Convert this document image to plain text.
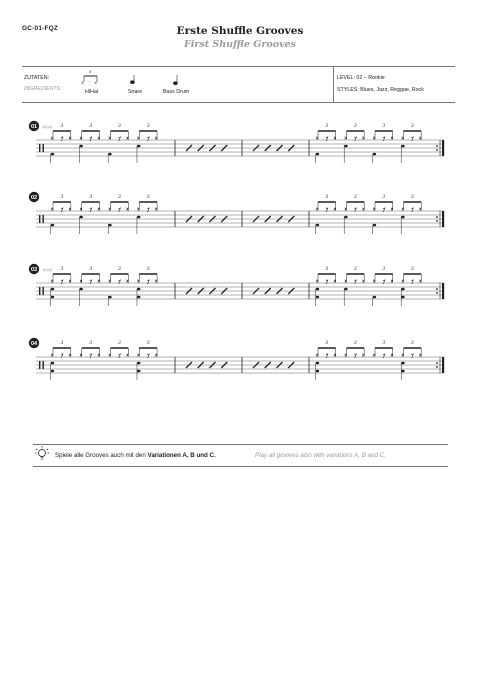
GC-01-FQZ	Erste Shuffle Grooves
First Shuffle Grooves
ZUTATEN:
INGREDIENTS:	HiHat	Snare	Bass Drum
LEVEL: 02 – Rookie
STYLES: Blues, Jazz, Reggae, Rock
Spiele alle Grooves auch mit den Variationen A, B und C.	Play all grooves also with variations A, B and C.
3
x x
·
01	3	3	3	3	3	3	3	3
02	3	3	3	3	3	3	3	3
03	3	3	3	3	3	3	3	3
04	3	3	3	3	3	3	3	3
